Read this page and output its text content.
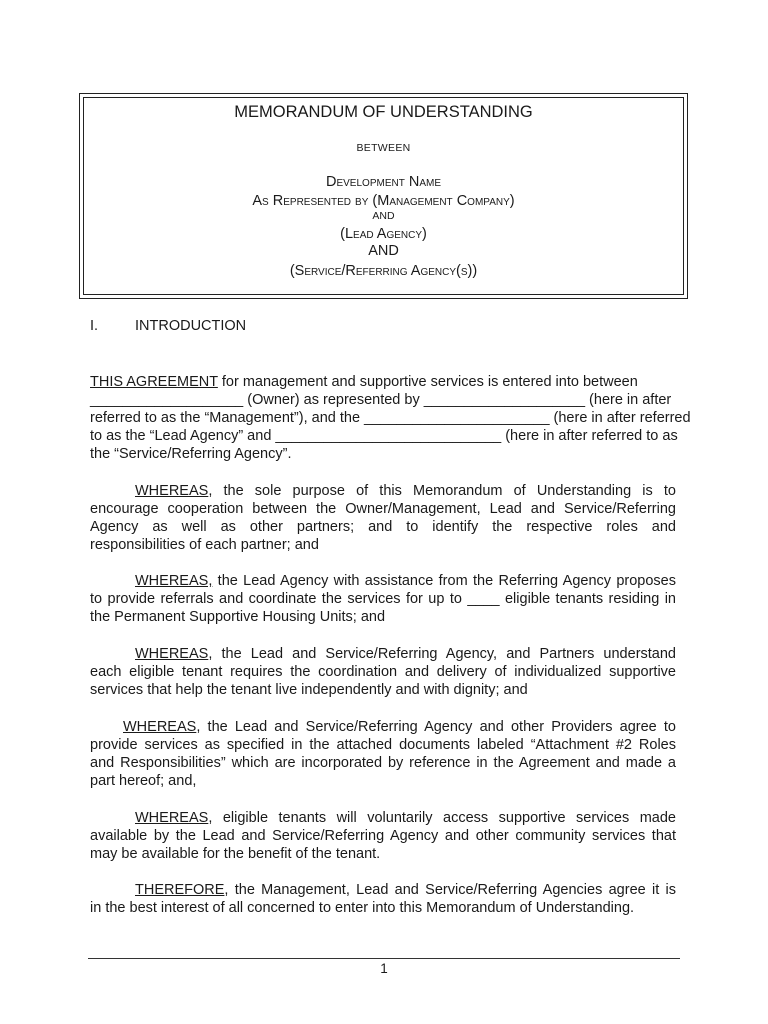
MEMORANDUM OF UNDERSTANDING
BETWEEN
Development Name
As Represented by (Management Company)
AND
(Lead Agency)
AND
(Service/Referring Agency(s))
I.	INTRODUCTION
THIS AGREEMENT for management and supportive services is entered into between
___________________ (Owner) as represented by ____________________ (here in after
referred to as the “Management”), and the _______________________ (here in after referred
to as the “Lead Agency” and ____________________________ (here in after referred to as
the “Service/Referring Agency”.
WHEREAS, the sole purpose of this Memorandum of Understanding is to
encourage cooperation between the Owner/Management, Lead and Service/Referring
Agency as well as other partners; and to identify the respective roles and
responsibilities of each partner; and
WHEREAS, the Lead Agency with assistance from the Referring Agency proposes
to provide referrals and coordinate the services for up to ____ eligible tenants residing in
the Permanent Supportive Housing Units; and
WHEREAS, the Lead and Service/Referring Agency, and Partners understand
each eligible tenant requires the coordination and delivery of individualized supportive
services that help the tenant live independently and with dignity; and
WHEREAS, the Lead and Service/Referring Agency and other Providers agree to
provide services as specified in the attached documents labeled “Attachment #2 Roles
and Responsibilities” which are incorporated by reference in the Agreement and made a
part hereof; and,
WHEREAS, eligible tenants will voluntarily access supportive services made
available by the Lead and Service/Referring Agency and other community services that
may be available for the benefit of the tenant.
THEREFORE, the Management, Lead and Service/Referring Agencies agree it is
in the best interest of all concerned to enter into this Memorandum of Understanding.
1
